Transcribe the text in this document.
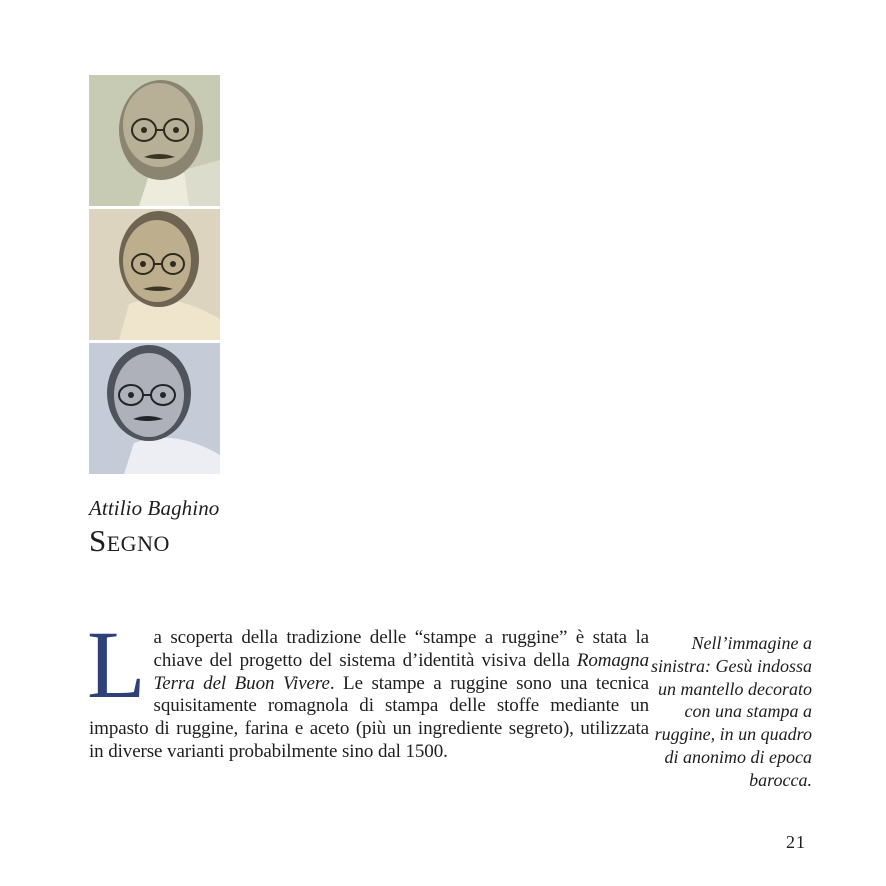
Attilio Baghino
Segno
La scoperta della tradizione delle “stampe a ruggine” è stata la chiave del progetto del sistema d’identità visiva della Romagna Terra del Buon Vivere. Le stampe a ruggine sono una tecnica squisitamente romagnola di stampa delle stoffe mediante un impasto di ruggine, farina e aceto (più un ingrediente segreto), utilizzata in diverse varianti probabilmente sino dal 1500.
Nell’immagine a sinistra: Gesù indossa un mantello decorato con una stampa a ruggine, in un quadro di anonimo di epoca barocca.
21
